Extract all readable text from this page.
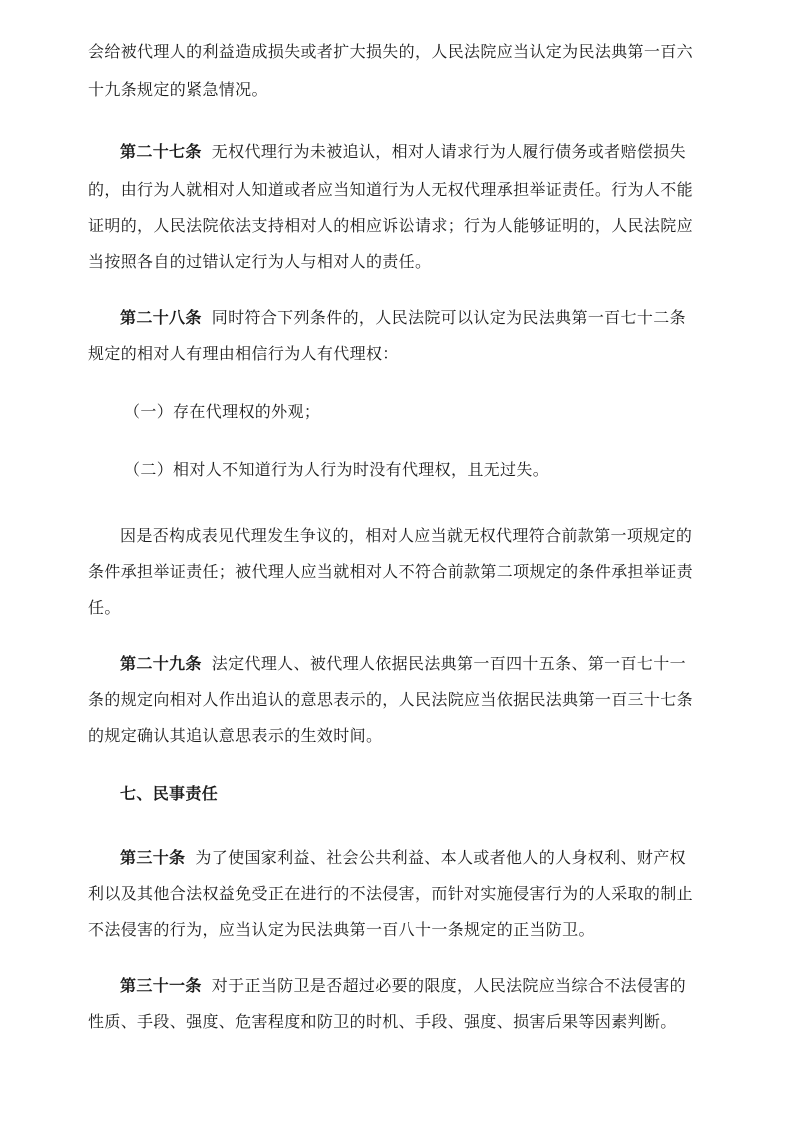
会给被代理人的利益造成损失或者扩大损失的，人民法院应当认定为民法典第一百六
十九条规定的紧急情况。
第二十七条 无权代理行为未被追认，相对人请求行为人履行债务或者赔偿损失
的，由行为人就相对人知道或者应当知道行为人无权代理承担举证责任。行为人不能
证明的，人民法院依法支持相对人的相应诉讼请求；行为人能够证明的，人民法院应
当按照各自的过错认定行为人与相对人的责任。
第二十八条 同时符合下列条件的，人民法院可以认定为民法典第一百七十二条
规定的相对人有理由相信行为人有代理权：
（一）存在代理权的外观；
（二）相对人不知道行为人行为时没有代理权，且无过失。
因是否构成表见代理发生争议的，相对人应当就无权代理符合前款第一项规定的
条件承担举证责任；被代理人应当就相对人不符合前款第二项规定的条件承担举证责
任。
第二十九条 法定代理人、被代理人依据民法典第一百四十五条、第一百七十一
条的规定向相对人作出追认的意思表示的，人民法院应当依据民法典第一百三十七条
的规定确认其追认意思表示的生效时间。
七、民事责任
第三十条 为了使国家利益、社会公共利益、本人或者他人的人身权利、财产权
利以及其他合法权益免受正在进行的不法侵害，而针对实施侵害行为的人采取的制止
不法侵害的行为，应当认定为民法典第一百八十一条规定的正当防卫。
第三十一条 对于正当防卫是否超过必要的限度，人民法院应当综合不法侵害的
性质、手段、强度、危害程度和防卫的时机、手段、强度、损害后果等因素判断。
